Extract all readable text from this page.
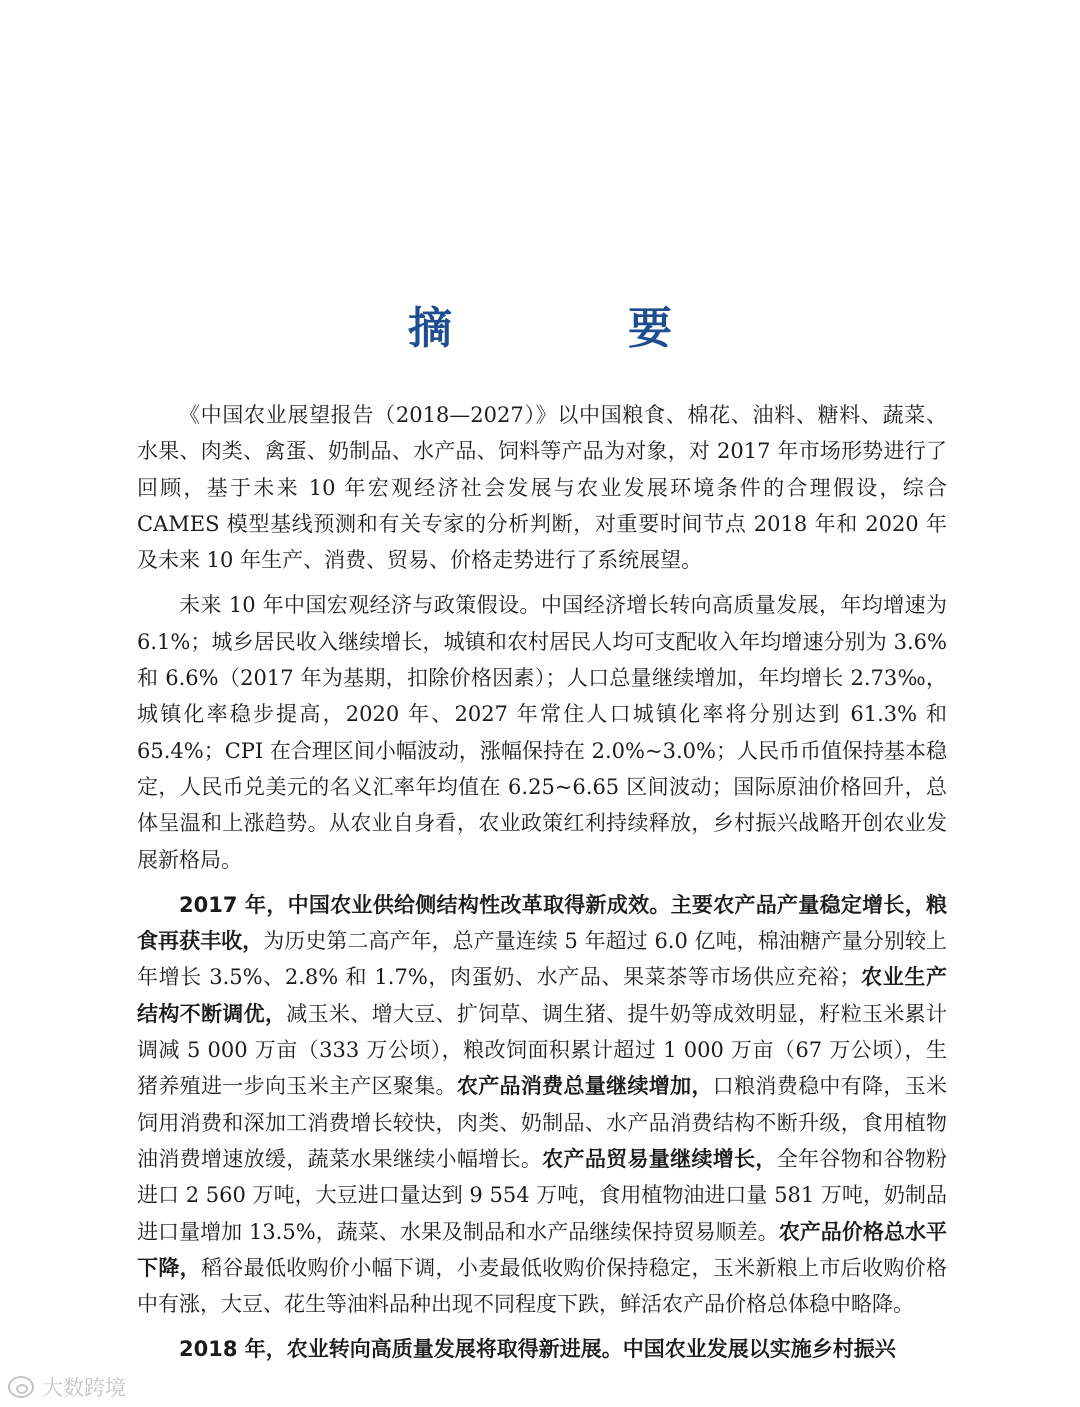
摘　要

《中国农业展望报告（2018—2027）》以中国粮食、棉花、油料、糖料、蔬菜、水果、肉类、禽蛋、奶制品、水产品、饲料等产品为对象，对 2017 年市场形势进行了回顾，基于未来 10 年宏观经济社会发展与农业发展环境条件的合理假设，综合 CAMES 模型基线预测和有关专家的分析判断，对重要时间节点 2018 年和 2020 年及未来 10 年生产、消费、贸易、价格走势进行了系统展望。

未来 10 年中国宏观经济与政策假设。中国经济增长转向高质量发展，年均增速为 6.1%；城乡居民收入继续增长，城镇和农村居民人均可支配收入年均增速分别为 3.6% 和 6.6%（2017 年为基期，扣除价格因素）；人口总量继续增加，年均增长 2.73‰，城镇化率稳步提高，2020 年、2027 年常住人口城镇化率将分别达到 61.3% 和 65.4%；CPI 在合理区间小幅波动，涨幅保持在 2.0%~3.0%；人民币币值保持基本稳定，人民币兑美元的名义汇率年均值在 6.25~6.65 区间波动；国际原油价格回升，总体呈温和上涨趋势。从农业自身看，农业政策红利持续释放，乡村振兴战略开创农业发展新格局。

2017 年，中国农业供给侧结构性改革取得新成效。主要农产品产量稳定增长，粮食再获丰收，为历史第二高产年，总产量连续 5 年超过 6.0 亿吨，棉油糖产量分别较上年增长 3.5%、2.8% 和 1.7%，肉蛋奶、水产品、果菜茶等市场供应充裕；农业生产结构不断调优，减玉米、增大豆、扩饲草、调生猪、提牛奶等成效明显，籽粒玉米累计调减 5 000 万亩（333 万公顷），粮改饲面积累计超过 1 000 万亩（67 万公顷），生猪养殖进一步向玉米主产区聚集。农产品消费总量继续增加，口粮消费稳中有降，玉米饲用消费和深加工消费增长较快，肉类、奶制品、水产品消费结构不断升级，食用植物油消费增速放缓，蔬菜水果继续小幅增长。农产品贸易量继续增长，全年谷物和谷物粉进口 2 560 万吨，大豆进口量达到 9 554 万吨，食用植物油进口量 581 万吨，奶制品进口量增加 13.5%，蔬菜、水果及制品和水产品继续保持贸易顺差。农产品价格总水平下降，稻谷最低收购价小幅下调，小麦最低收购价保持稳定，玉米新粮上市后收购价格中有涨，大豆、花生等油料品种出现不同程度下跌，鲜活农产品价格总体稳中略降。

2018 年，农业转向高质量发展将取得新进展。中国农业发展以实施乡村振兴

大数跨境
